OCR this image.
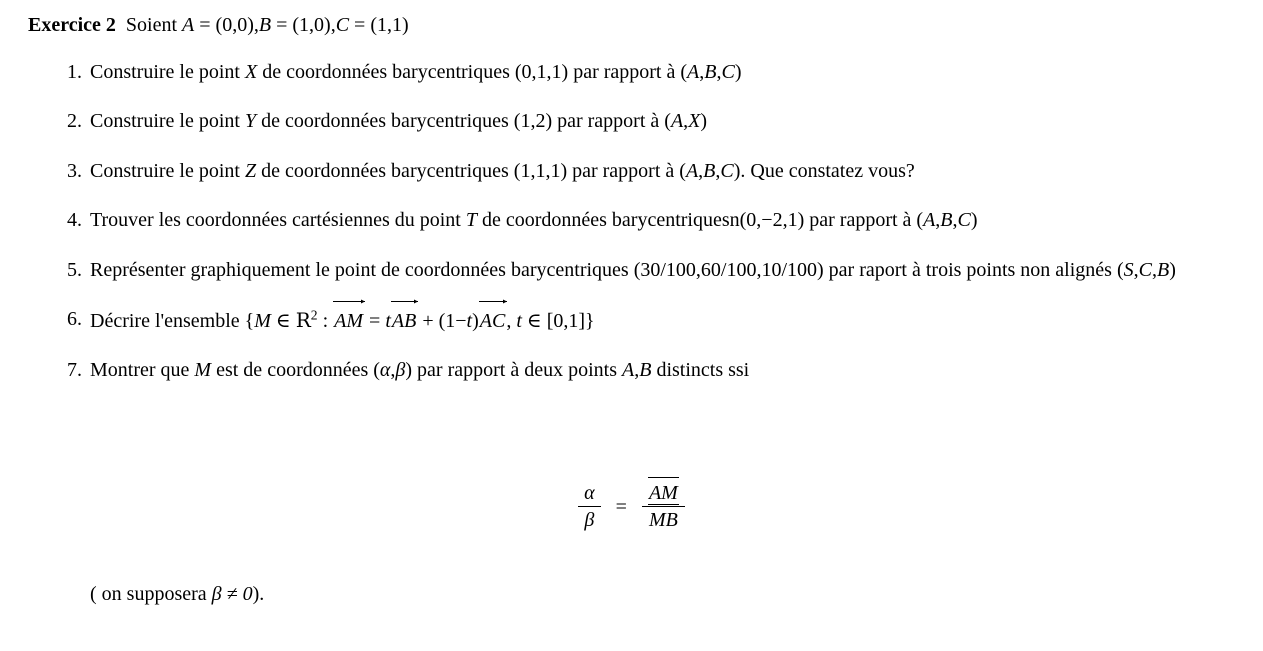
Exercice 2 Soient A = (0,0),B = (1,0),C = (1,1)
1. Construire le point X de coordonnées barycentriques (0,1,1) par rapport à (A,B,C)
2. Construire le point Y de coordonnées barycentriques (1,2) par rapport à (A,X)
3. Construire le point Z de coordonnées barycentriques (1,1,1) par rapport à (A,B,C). Que constatez vous?
4. Trouver les coordonnées cartésiennes du point T de coordonnées barycentriquesn(0,−2,1) par rapport à (A,B,C)
5. Représenter graphiquement le point de coordonnées barycentriques (30/100,60/100,10/100) par raport à trois points non alignés (S,C,B)
6. Décrire l'ensemble {M ∈ $R^2$ : AM = tAB + (1−t)AC, t ∈ [0,1]}
7. Montrer que M est de coordonnées (α,β) par rapport à deux points A,B distincts ssi
$\frac{\alpha}{\beta} = \frac{AM}{MB}$
( on supposera β ≠ 0).
